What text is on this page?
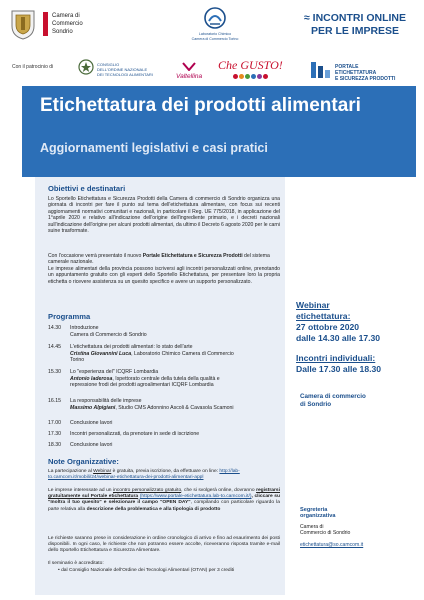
Camera di Commercio
Sondrio	Laboratorio Chimico
Camera di Commercio Torino
≈ INCONTRI ONLINE
PER LE IMPRESE
Con il patrocinio di	CONSIGLIO
DELL'ORDINE NAZIONALE
DEI TECNOLOGI ALIMENTARI	Valtellina
Che GUSTO!	PORTALE ETICHETTATURA
E SICUREZZA PRODOTTI
Etichettatura dei prodotti alimentari
Aggiornamenti legislativi e casi pratici
Obiettivi e destinatari
Lo Sportello Etichettatura e Sicurezza Prodotti della Camera di commercio di Sondrio organizza una giornata di incontri per fare il punto sul tema dell'etichettatura alimentare, con focus sui recenti aggiornamenti normativi comunitari e nazionali, in particolare il Reg. UE 775/2018, in applicazione del 1°aprile 2020 e relativo all'indicazione dell'origine dell'ingrediente primario, e i decreti nazionali sull'indicazione dell'origine per alcuni prodotti alimentari, da ultimo il Decreto 6 agosto 2020 per le carni suine trasformate.
Con l'occasione verrà presentato il nuovo Portale Etichettatura e Sicurezza Prodotti del sistema camerale nazionale.
Le imprese alimentari della provincia possono iscriversi agli incontri personalizzati online, prenotando un appuntamento gratuito con gli esperti dello Sportello Etichettatura, per presentare loro la propria etichetta o ricevere assistenza su un quesito specifico e avere un supporto personalizzato.
Programma
14.30	Introduzione
Camera di Commercio di Sondrio
14.45	L'etichettatura dei prodotti alimentari: lo stato dell'arte
Cristina Giovannini Luca, Laboratorio Chimico Camera di Commercio
Torino
15.30	Lo "esperienza del" ICQRF Lombardia
Antonio Iaderosa, Ispettorato centrale della tutela della qualità e
repressione frodi dei prodotti agroalimentari ICQRF Lombardia
16.15	La responsabilità delle imprese
Massimo Alpigiani, Studio CMS Adonnino Ascoli & Cavasola Scamoni
17.00	Conclusione lavori
17.30	Incontri personalizzati, da prenotare in sede di iscrizione
18.30	Conclusione lavori
Note Organizzative:
La partecipazione al Webinar è gratuita, previa iscrizione, da effettuare on line: http://lab-to.camcom.it/mobili/24/webinar-etichettatura-dei-prodotti-alimentari-appl
Le imprese interessate ad un incontro personalizzato gratuito, che si svolgerà online, dovranno registrarsi gratuitamente sul Portale etichettatura (https://www.portale-etichettatura.lab-to.camcom.it/), cliccare su "Inoltra il tuo quesito" e selezionare il campo "OPEN DAY", compilando con particolare riguardo la parte relativa alla descrizione della problematica e alla tipologia di prodotto
Le richieste saranno prese in considerazione in ordine cronologico di arrivo e fino ad esaurimento dei posti disponibili. In ogni caso, le richieste che non potranno essere accolte, riceveranno risposta tramite e-mail dello Sportello Etichettatura e Sicurezza Alimentare.
Il seminario è accreditato:
• dal Consiglio Nazionale dell'Ordine dei Tecnologi Alimentari (OTAN) per 3 crediti
Webinar
etichettatura:
27 ottobre 2020
dalle 14.30 alle 17.30
Incontri individuali:
Dalle 17.30 alle 18.30
Camera di commercio
di Sondrio
Segreteria
organizzativa
Camera di
Commercio di Sondrio
etichettatura@so.camcom.it
